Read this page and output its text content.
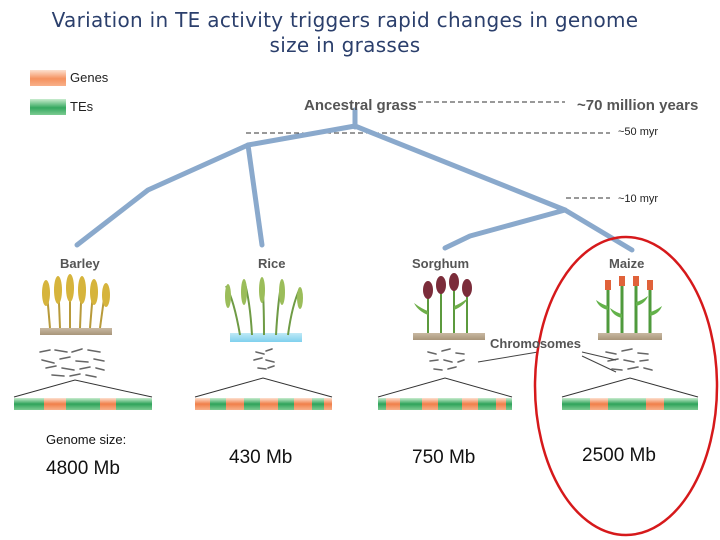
Variation in TE activity triggers rapid changes in genome
size in grasses
Genes
TEs	Ancestral grass	~70 million years
~50 myr
~10 myr
Barley	Rice	Sorghum	Maize
Chromosomes
Genome size:
4800 Mb
430 Mb	750 Mb	2500 Mb
